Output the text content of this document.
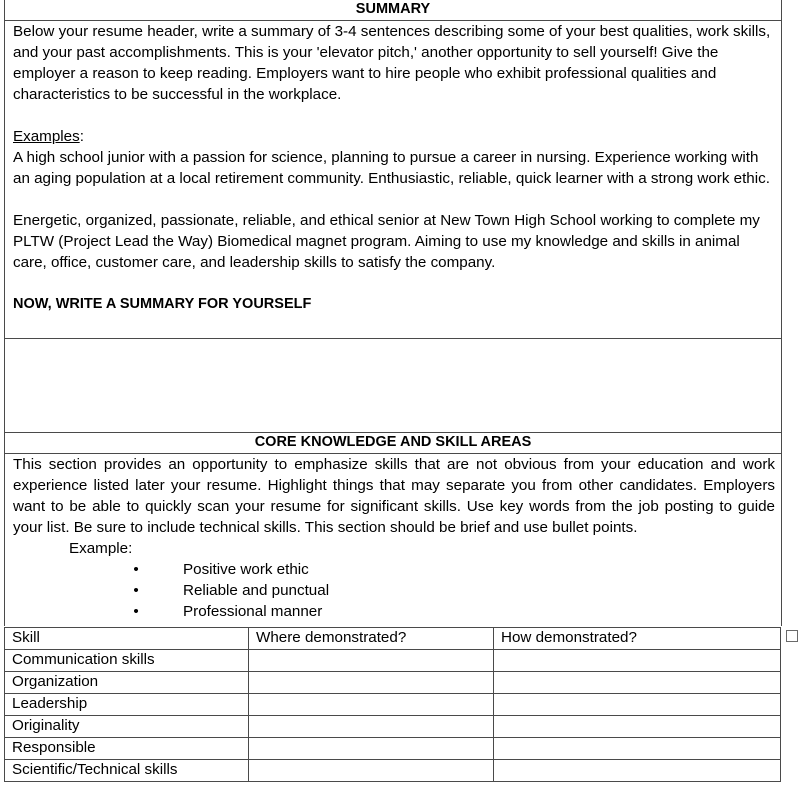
SUMMARY
Below your resume header, write a summary of 3-4 sentences describing some of your best qualities, work skills, and your past accomplishments. This is your 'elevator pitch,' another opportunity to sell yourself! Give the employer a reason to keep reading. Employers want to hire people who exhibit professional qualities and characteristics to be successful in the workplace.
Examples:
A high school junior with a passion for science, planning to pursue a career in nursing. Experience working with an aging population at a local retirement community. Enthusiastic, reliable, quick learner with a strong work ethic.
Energetic, organized, passionate, reliable, and ethical senior at New Town High School working to complete my PLTW (Project Lead the Way) Biomedical magnet program. Aiming to use my knowledge and skills in animal care, office, customer care, and leadership skills to satisfy the company.
NOW, WRITE A SUMMARY FOR YOURSELF
CORE KNOWLEDGE AND SKILL AREAS
This section provides an opportunity to emphasize skills that are not obvious from your education and work experience listed later your resume. Highlight things that may separate you from other candidates. Employers want to be able to quickly scan your resume for significant skills. Use key words from the job posting to guide your list. Be sure to include technical skills. This section should be brief and use bullet points.
Example:
•	Positive work ethic
•	Reliable and punctual
•	Professional manner
Skill	Where demonstrated?	How demonstrated?
Communication skills		
Organization		
Leadership		
Originality		
Responsible		
Scientific/Technical skills		
